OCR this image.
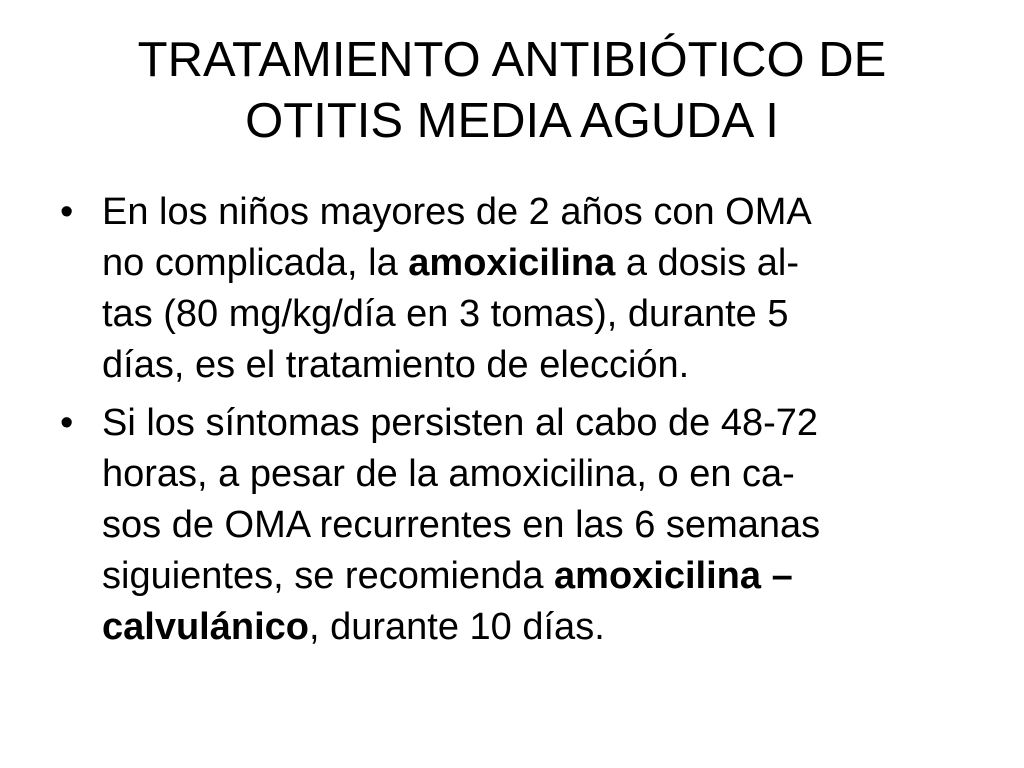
TRATAMIENTO ANTIBIÓTICO DE
OTITIS MEDIA AGUDA I
• En los niños mayores de 2 años con OMA
no complicada, la amoxicilina a dosis al-
tas (80 mg/kg/día en 3 tomas), durante 5
días, es el tratamiento de elección.
• Si los síntomas persisten al cabo de 48-72
horas, a pesar de la amoxicilina, o en ca-
sos de OMA recurrentes en las 6 semanas
siguientes, se recomienda amoxicilina –
calvulánico, durante 10 días.
